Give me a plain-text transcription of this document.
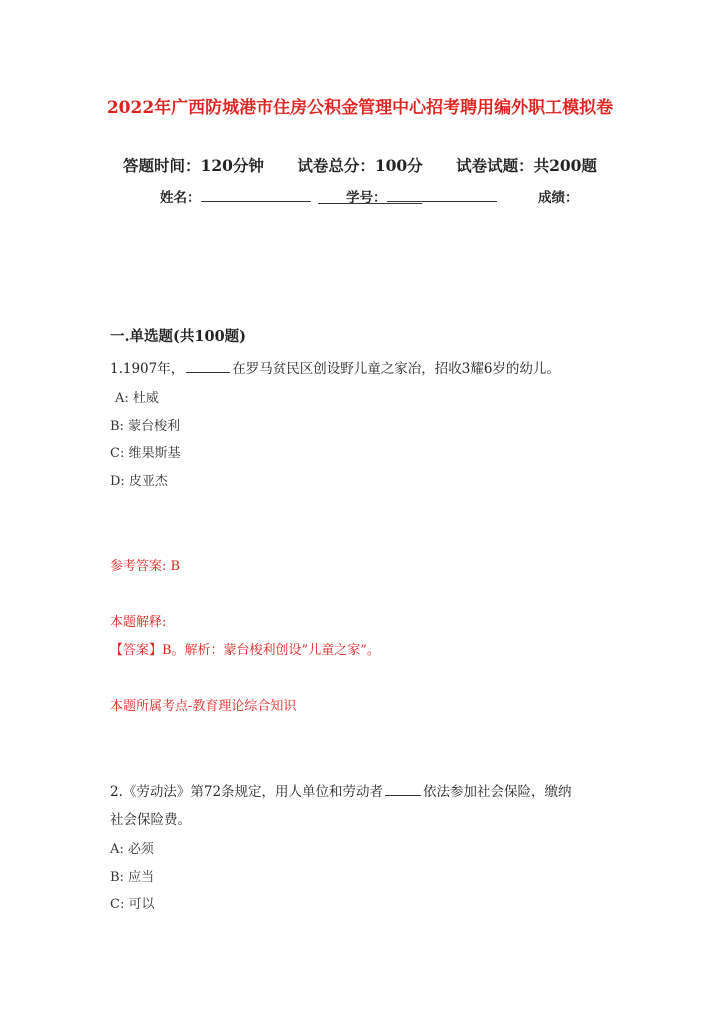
2022年广西防城港市住房公积金管理中心招考聘用编外职工模拟卷
答题时间：120分钟 试卷总分：100分 试卷试题：共200题
姓名：	学号：	成绩：
一.单选题(共100题)
1.1907年，	在罗马贫民区创设野儿童之家冶，招收3耀6岁的幼儿。
A: 杜威
B: 蒙台梭利
C: 维果斯基
D: 皮亚杰
参考答案: B
本题解释:
【答案】B。解析：蒙台梭利创设”儿童之家”。
本题所属考点-教育理论综合知识
2.《劳动法》第72条规定，用人单位和劳动者	依法参加社会保险，缴纳
社会保险费。
A: 必须
B: 应当
C: 可以
